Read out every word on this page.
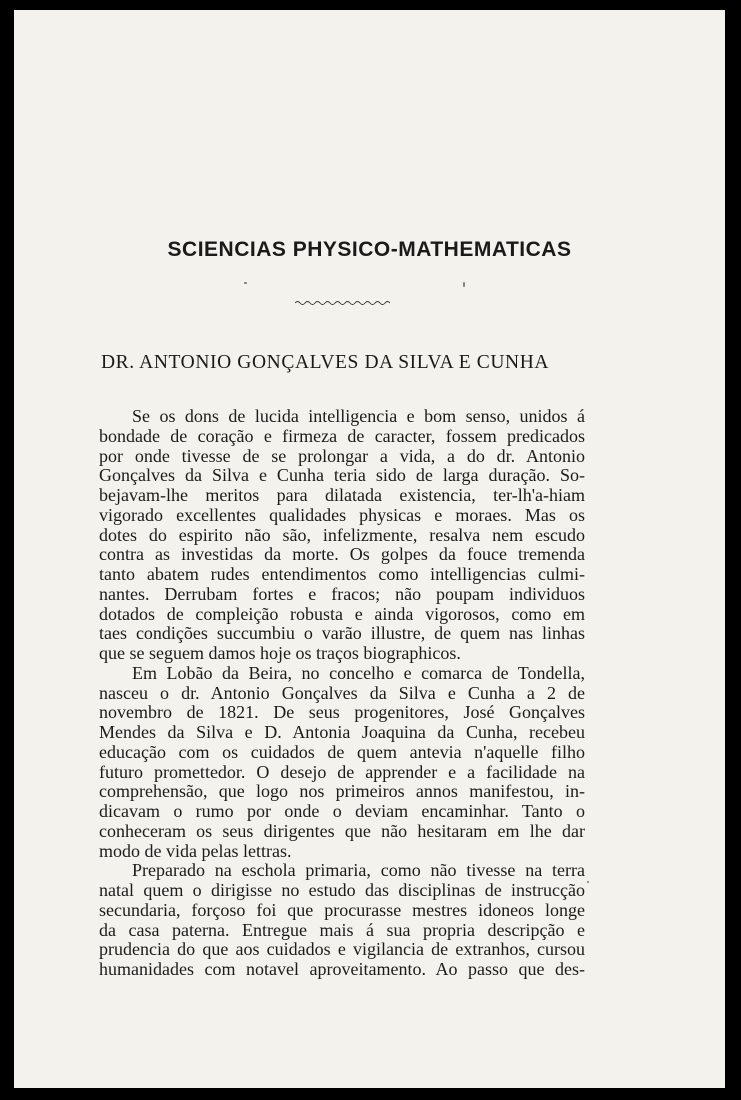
SCIENCIAS PHYSICO-MATHEMATICAS
DR. ANTONIO GONÇALVES DA SILVA E CUNHA
Se os dons de lucida intelligencia e bom senso, unidos á
bondade de coração e firmeza de caracter, fossem predicados
por onde tivesse de se prolongar a vida, a do dr. Antonio
Gonçalves da Silva e Cunha teria sido de larga duração. So-
bejavam-lhe meritos para dilatada existencia, ter-lh'a-hiam
vigorado excellentes qualidades physicas e moraes. Mas os
dotes do espirito não são, infelizmente, resalva nem escudo
contra as investidas da morte. Os golpes da fouce tremenda
tanto abatem rudes entendimentos como intelligencias culmi-
nantes. Derrubam fortes e fracos; não poupam individuos
dotados de compleição robusta e ainda vigorosos, como em
taes condições succumbiu o varão illustre, de quem nas linhas
que se seguem damos hoje os traços biographicos.
Em Lobão da Beira, no concelho e comarca de Tondella,
nasceu o dr. Antonio Gonçalves da Silva e Cunha a 2 de
novembro de 1821. De seus progenitores, José Gonçalves
Mendes da Silva e D. Antonia Joaquina da Cunha, recebeu
educação com os cuidados de quem antevia n'aquelle filho
futuro promettedor. O desejo de apprender e a facilidade na
comprehensão, que logo nos primeiros annos manifestou, in-
dicavam o rumo por onde o deviam encaminhar. Tanto o
conheceram os seus dirigentes que não hesitaram em lhe dar
modo de vida pelas lettras.
Preparado na eschola primaria, como não tivesse na terra
natal quem o dirigisse no estudo das disciplinas de instrucção
secundaria, forçoso foi que procurasse mestres idoneos longe
da casa paterna. Entregue mais á sua propria descripção e
prudencia do que aos cuidados e vigilancia de extranhos, cursou
humanidades com notavel aproveitamento. Ao passo que des-
